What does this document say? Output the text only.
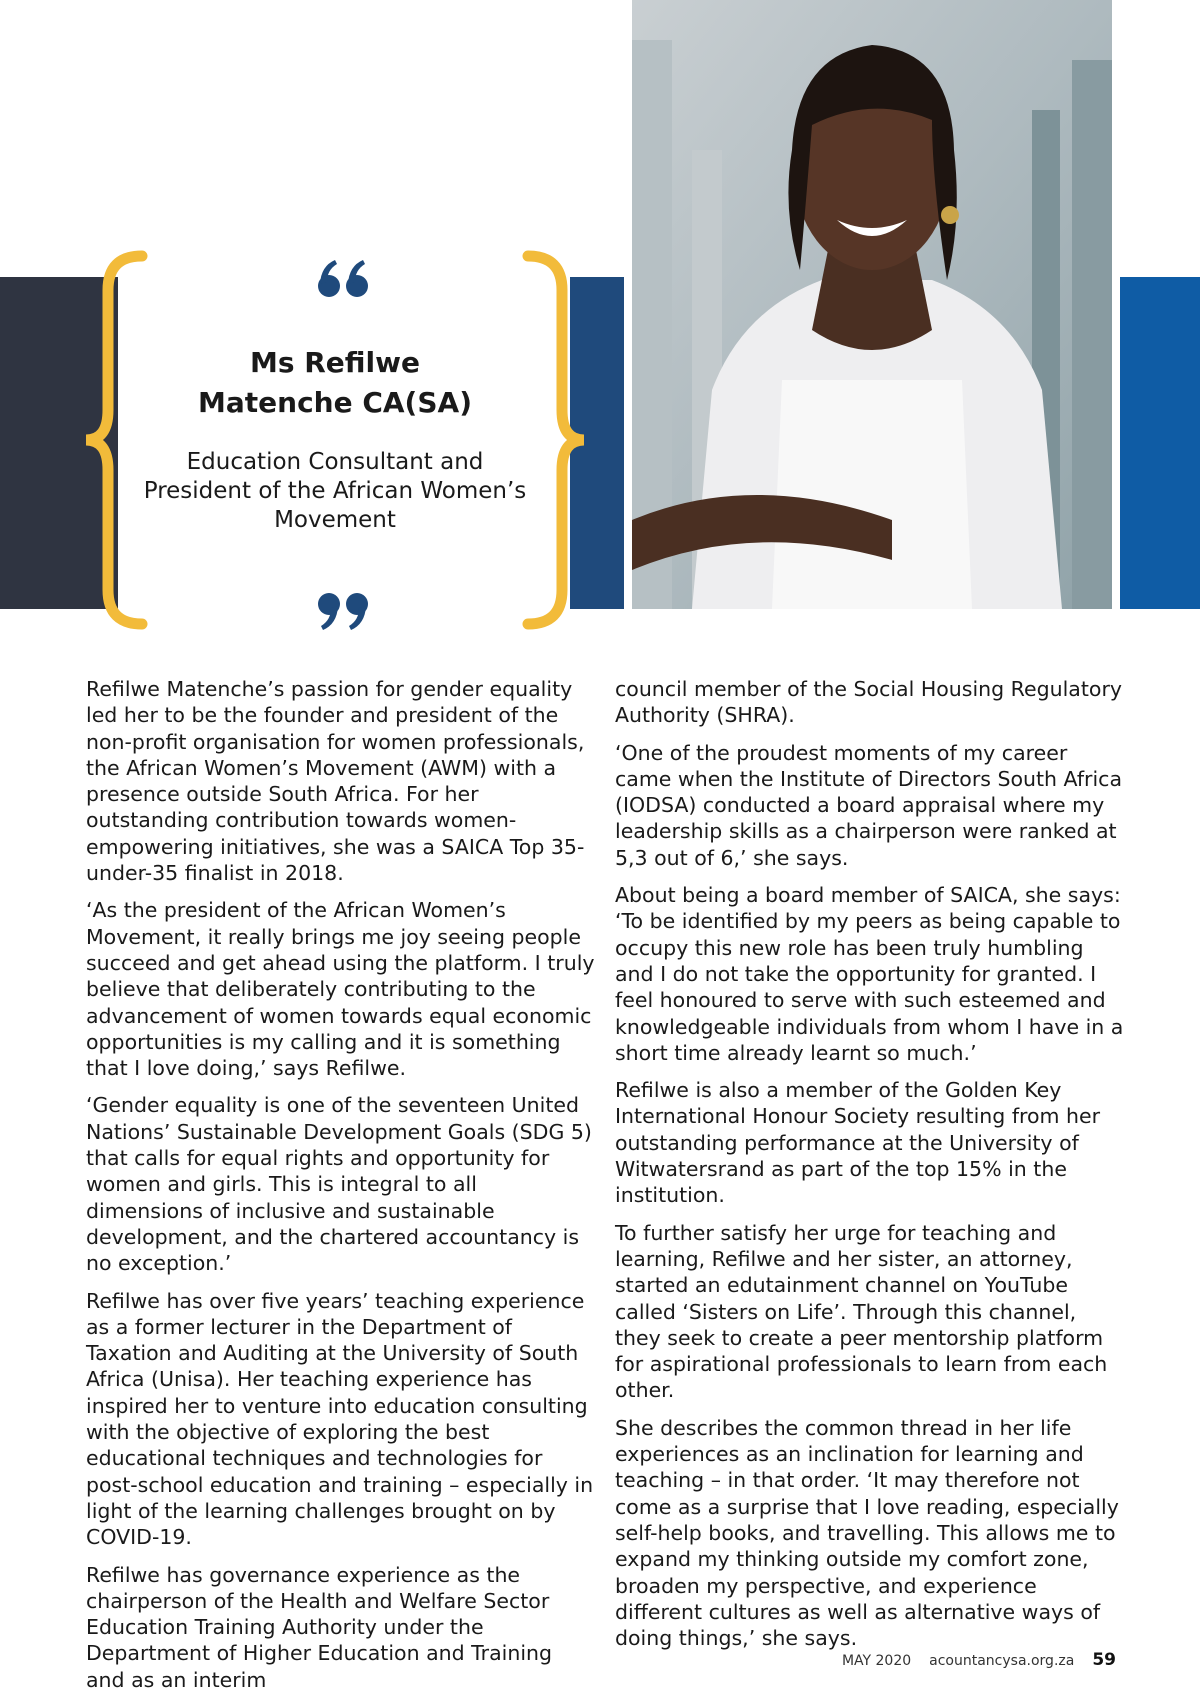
Ms Refilwe
Matenche CA(SA)
Education Consultant and
President of the African Women’s
Movement

Refilwe Matenche’s passion for gender equality led her to be the founder and president of the non-profit organisation for women professionals, the African Women’s Movement (AWM) with a presence outside South Africa. For her outstanding contribution towards women-empowering initiatives, she was a SAICA Top 35-under-35 finalist in 2018.

‘As the president of the African Women’s Movement, it really brings me joy seeing people succeed and get ahead using the platform. I truly believe that deliberately contributing to the advancement of women towards equal economic opportunities is my calling and it is something that I love doing,’ says Refilwe.

‘Gender equality is one of the seventeen United Nations’ Sustainable Development Goals (SDG 5) that calls for equal rights and opportunity for women and girls. This is integral to all dimensions of inclusive and sustainable development, and the chartered accountancy is no exception.’

Refilwe has over five years’ teaching experience as a former lecturer in the Department of Taxation and Auditing at the University of South Africa (Unisa). Her teaching experience has inspired her to venture into education consulting with the objective of exploring the best educational techniques and technologies for post-school education and training – especially in light of the learning challenges brought on by COVID-19.

Refilwe has governance experience as the chairperson of the Health and Welfare Sector Education Training Authority under the Department of Higher Education and Training and as an interim

council member of the Social Housing Regulatory Authority (SHRA).

‘One of the proudest moments of my career came when the Institute of Directors South Africa (IODSA) conducted a board appraisal where my leadership skills as a chairperson were ranked at 5,3 out of 6,’ she says.

About being a board member of SAICA, she says: ‘To be identified by my peers as being capable to occupy this new role has been truly humbling and I do not take the opportunity for granted. I feel honoured to serve with such esteemed and knowledgeable individuals from whom I have in a short time already learnt so much.’

Refilwe is also a member of the Golden Key International Honour Society resulting from her outstanding performance at the University of Witwatersrand as part of the top 15% in the institution.

To further satisfy her urge for teaching and learning, Refilwe and her sister, an attorney, started an edutainment channel on YouTube called ‘Sisters on Life’. Through this channel, they seek to create a peer mentorship platform for aspirational professionals to learn from each other.

She describes the common thread in her life experiences as an inclination for learning and teaching – in that order. ‘It may therefore not come as a surprise that I love reading, especially self-help books, and travelling. This allows me to expand my thinking outside my comfort zone, broaden my perspective, and experience different cultures as well as alternative ways of doing things,’ she says.

MAY 2020 acountancysa.org.za 59
